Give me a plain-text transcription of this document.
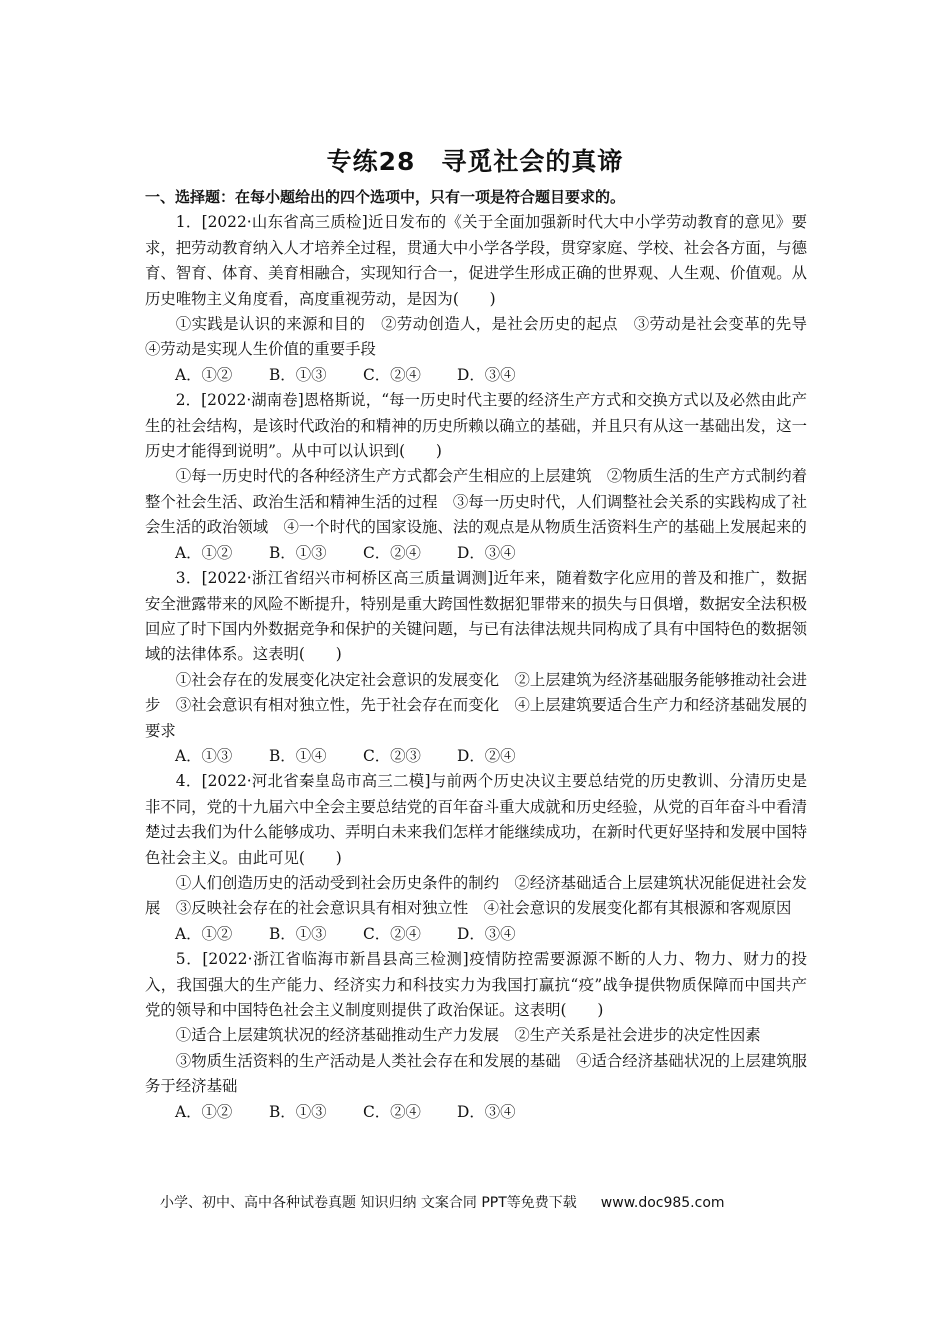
专练28　寻觅社会的真谛
一、选择题：在每小题给出的四个选项中，只有一项是符合题目要求的。

1．[2022·山东省高三质检]近日发布的《关于全面加强新时代大中小学劳动教育的意见》要求，把劳动教育纳入人才培养全过程，贯通大中小学各学段，贯穿家庭、学校、社会各方面，与德育、智育、体育、美育相融合，实现知行合一，促进学生形成正确的世界观、人生观、价值观。从历史唯物主义角度看，高度重视劳动，是因为(　　)

①实践是认识的来源和目的　②劳动创造人，是社会历史的起点　③劳动是社会变革的先导　 ④劳动是实现人生价值的重要手段

A．①②	B．①③	C．②④	D．③④

2．[2022·湖南卷]恩格斯说，“每一历史时代主要的经济生产方式和交换方式以及必然由此产生的社会结构，是该时代政治的和精神的历史所赖以确立的基础，并且只有从这一基础出发，这一历史才能得到说明”。从中可以认识到(　　)

①每一历史时代的各种经济生产方式都会产生相应的上层建筑　②物质生活的生产方式制约着整个社会生活、政治生活和精神生活的过程　③每一历史时代，人们调整社会关系的实践构成了社会生活的政治领域　④一个时代的国家设施、法的观点是从物质生活资料生产的基础上发展起来的

A．①②	B．①③	C．②④	D．③④

3．[2022·浙江省绍兴市柯桥区高三质量调测]近年来，随着数字化应用的普及和推广，数据安全泄露带来的风险不断提升，特别是重大跨国性数据犯罪带来的损失与日俱增，数据安全法积极回应了时下国内外数据竞争和保护的关键问题，与已有法律法规共同构成了具有中国特色的数据领域的法律体系。这表明(　　)

①社会存在的发展变化决定社会意识的发展变化　②上层建筑为经济基础服务能够推动社会进步　③社会意识有相对独立性，先于社会存在而变化　④上层建筑要适合生产力和经济基础发展的要求

A．①③	B．①④	C．②③	D．②④

4．[2022·河北省秦皇岛市高三二模]与前两个历史决议主要总结党的历史教训、分清历史是非不同，党的十九届六中全会主要总结党的百年奋斗重大成就和历史经验，从党的百年奋斗中看清楚过去我们为什么能够成功、弄明白未来我们怎样才能继续成功，在新时代更好坚持和发展中国特色社会主义。由此可见(　　)

①人们创造历史的活动受到社会历史条件的制约　②经济基础适合上层建筑状况能促进社会发展　③反映社会存在的社会意识具有相对独立性　④社会意识的发展变化都有其根源和客观原因

A．①②	B．①③	C．②④	D．③④

5．[2022·浙江省临海市新昌县高三检测]疫情防控需要源源不断的人力、物力、财力的投入，我国强大的生产能力、经济实力和科技实力为我国打赢抗“疫”战争提供物质保障而中国共产党的领导和中国特色社会主义制度则提供了政治保证。这表明(　　)

①适合上层建筑状况的经济基础推动生产力发展　②生产关系是社会进步的决定性因素

③物质生活资料的生产活动是人类社会存在和发展的基础　④适合经济基础状况的上层建筑服务于经济基础

A．①②	B．①③	C．②④	D．③④
小学、初中、高中各种试卷真题 知识归纳 文案合同 PPT等免费下载 www.doc985.com
